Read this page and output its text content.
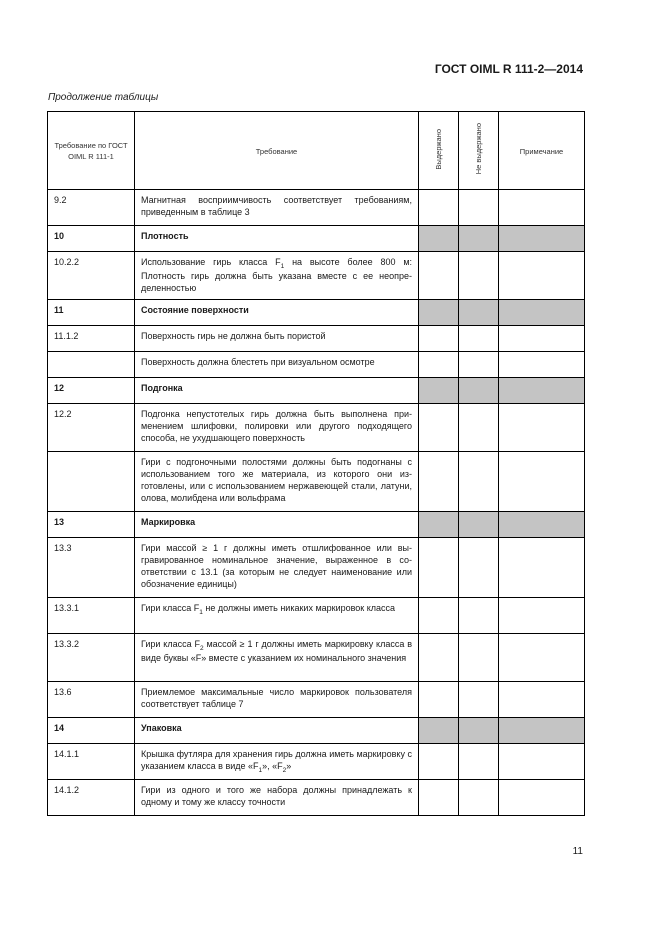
ГОСТ OIML R 111-2—2014
Продолжение таблицы
Требование по ГОСТ OIML R 111-1	Требование	Выдержано	Не выдержано	Примечание
9.2	Магнитная восприимчивость соответствует требованиям, приведенным в таблице 3			
10	Плотность			
10.2.2	Использование гирь класса $F_1$ на высоте более 800 м: Плотность гирь должна быть указана вместе с ее неопределенностью			
11	Состояние поверхности			
11.1.2	Поверхность гирь не должна быть пористой			
	Поверхность должна блестеть при визуальном осмотре			
12	Подгонка			
12.2	Подгонка непустотелых гирь должна быть выполнена применением шлифовки, полировки или другого подходящего способа, не ухудшающего поверхность			
	Гири с подгоночными полостями должны быть подогнаны с использованием того же материала, из которого они изготовлены, или с использованием нержавеющей стали, латуни, олова, молибдена или вольфрама			
13	Маркировка			
13.3	Гири массой ≥ 1 г должны иметь отшлифованное или выгравированное номинальное значение, выраженное в соответствии с 13.1 (за которым не следует наименование или обозначение единицы)			
13.3.1	Гири класса $F_1$ не должны иметь никаких маркировок класса			
13.3.2	Гири класса $F_2$ массой ≥ 1 г должны иметь маркировку класса в виде буквы «F» вместе с указанием их номинального значения			
13.6	Приемлемое максимальные число маркировок пользователя соответствует таблице 7			
14	Упаковка			
14.1.1	Крышка футляра для хранения гирь должна иметь маркировку с указанием класса в виде «$F_1$», «$F_2$»			
14.1.2	Гири из одного и того же набора должны принадлежать к одному и тому же классу точности			
11
